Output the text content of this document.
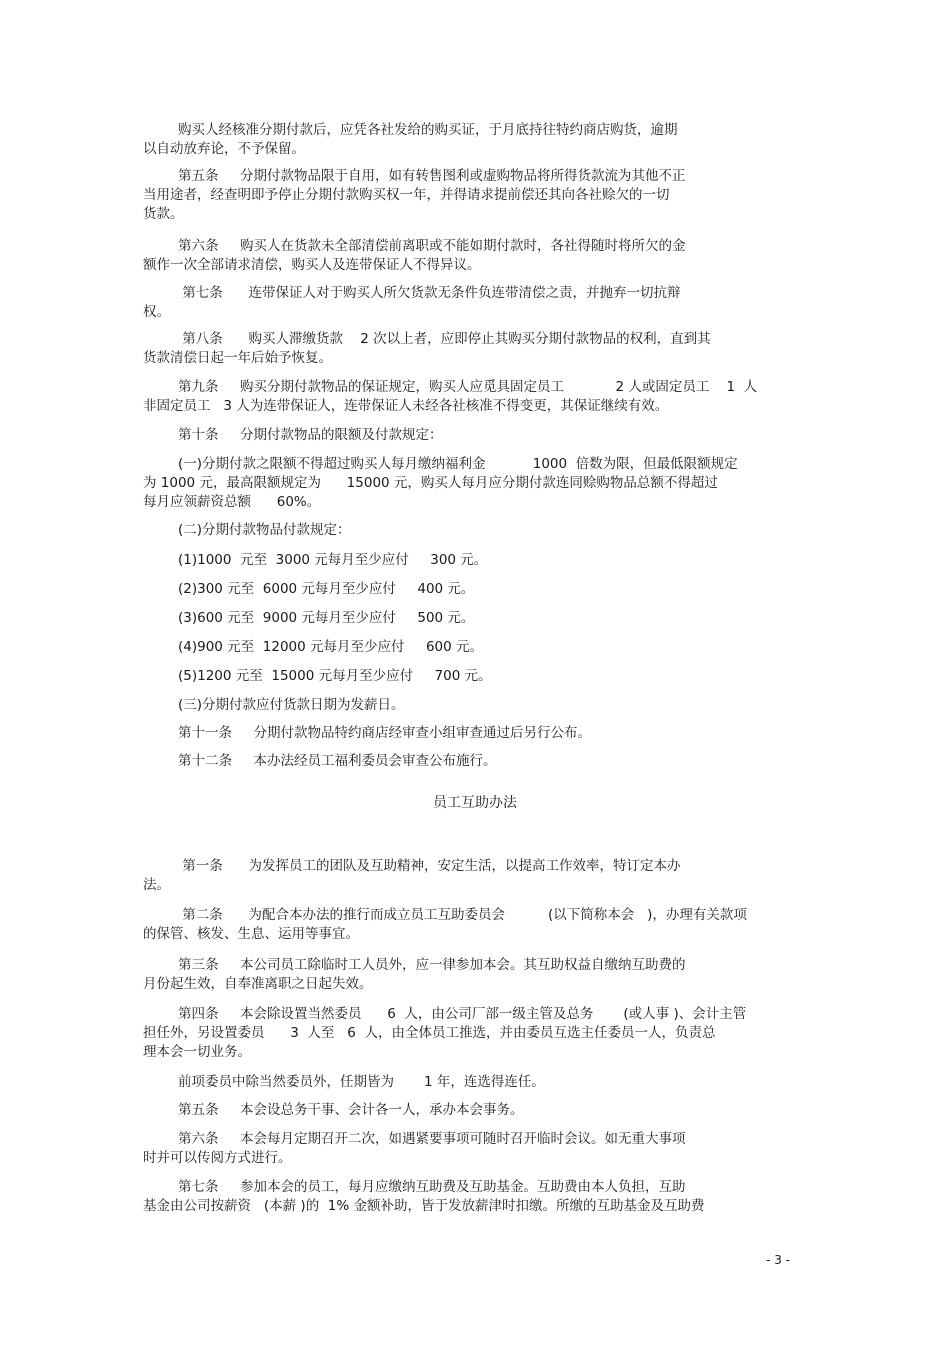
购买人经核准分期付款后，应凭各社发给的购买证，于月底持往特约商店购货，逾期
以自动放弃论，不予保留。
第五条     分期付款物品限于自用，如有转售图利或虚购物品将所得货款流为其他不正
当用途者，经查明即予停止分期付款购买权一年，并得请求提前偿还其向各社赊欠的一切
货款。
第六条     购买人在货款未全部清偿前离职或不能如期付款时，各社得随时将所欠的金
额作一次全部请求清偿，购买人及连带保证人不得异议。
第七条      连带保证人对于购买人所欠货款无条件负连带清偿之责，并抛弃一切抗辩
权。
第八条      购买人滞缴货款    2 次以上者，应即停止其购买分期付款物品的权利，直到其
货款清偿日起一年后始予恢复。
第九条     购买分期付款物品的保证规定，购买人应觅具固定员工            2 人或固定员工    1  人
非固定员工   3 人为连带保证人，连带保证人未经各社核准不得变更，其保证继续有效。
第十条     分期付款物品的限额及付款规定：
(一)分期付款之限额不得超过购买人每月缴纳福利金           1000  倍数为限，但最低限额规定
为 1000 元，最高限额规定为      15000 元，购买人每月应分期付款连同赊购物品总额不得超过
每月应领薪资总额      60%。
(二)分期付款物品付款规定：
(1)1000  元至  3000 元每月至少应付     300 元。
(2)300 元至  6000 元每月至少应付     400 元。
(3)600 元至  9000 元每月至少应付     500 元。
(4)900 元至  12000 元每月至少应付     600 元。
(5)1200 元至  15000 元每月至少应付     700 元。
(三)分期付款应付货款日期为发薪日。
第十一条     分期付款物品特约商店经审查小组审查通过后另行公布。
第十二条     本办法经员工福利委员会审查公布施行。
员工互助办法
第一条      为发挥员工的团队及互助精神，安定生活，以提高工作效率，特订定本办
法。
第二条      为配合本办法的推行而成立员工互助委员会          (以下简称本会   )，办理有关款项
的保管、核发、生息、运用等事宜。
第三条     本公司员工除临时工人员外，应一律参加本会。其互助权益自缴纳互助费的
月份起生效，自奉准离职之日起失效。
第四条     本会除设置当然委员      6  人，由公司厂部一级主管及总务       (或人事 )、会计主管
担任外，另设置委员      3  人至   6  人，由全体员工推选，并由委员互选主任委员一人，负责总
理本会一切业务。
前项委员中除当然委员外，任期皆为       1 年，连选得连任。
第五条     本会设总务干事、会计各一人，承办本会事务。
第六条     本会每月定期召开二次，如遇紧要事项可随时召开临时会议。如无重大事项
时并可以传阅方式进行。
第七条     参加本会的员工，每月应缴纳互助费及互助基金。互助费由本人负担，互助
基金由公司按薪资   (本薪 )的  1% 金额补助，皆于发放薪津时扣缴。所缴的互助基金及互助费
- 3 -
